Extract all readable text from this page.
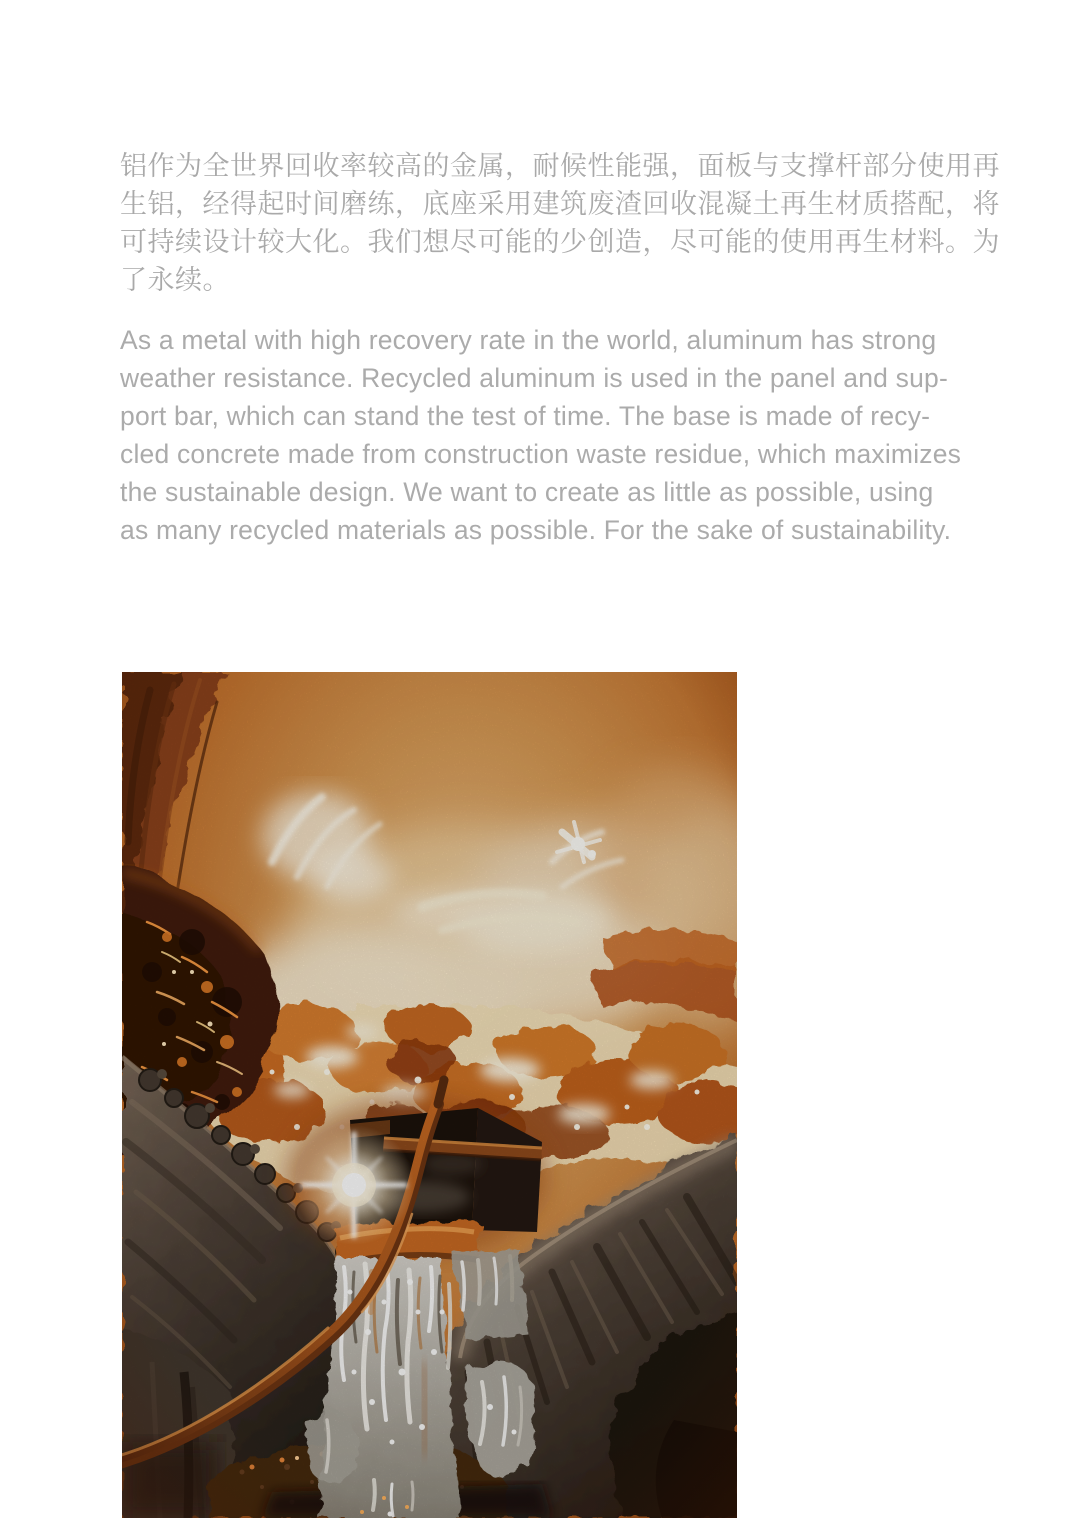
铝作为全世界回收率较高的金属，耐候性能强，面板与支撑杆部分使用再
生铝，经得起时间磨练，底座采用建筑废渣回收混凝土再生材质搭配，将
可持续设计较大化。我们想尽可能的少创造，尽可能的使用再生材料。为
了永续。

As a metal with high recovery rate in the world, aluminum has strong
weather resistance. Recycled aluminum is used in the panel and sup-
port bar, which can stand the test of time. The base is made of recy-
cled concrete made from construction waste residue, which maximizes
the sustainable design. We want to create as little as possible, using
as many recycled materials as possible. For the sake of sustainability.
